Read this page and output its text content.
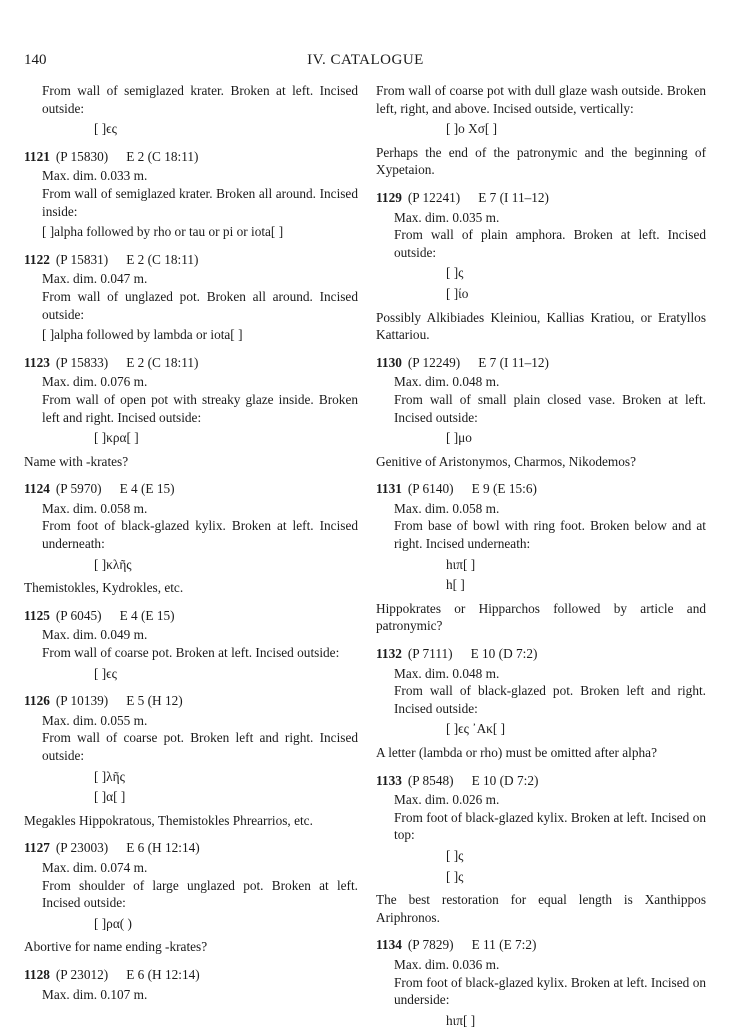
140	IV. CATALOGUE

From wall of semiglazed krater. Broken at left. Incised outside:

[ ]ϵς
1121 (P 15830) E 2 (C 18:11)

Max. dim. 0.033 m.

From wall of semiglazed krater. Broken all around. Incised inside:

[ ]alpha followed by rho or tau or pi or iota[ ]
1122 (P 15831) E 2 (C 18:11)

Max. dim. 0.047 m.

From wall of unglazed pot. Broken all around. Incised outside:

[ ]alpha followed by lambda or iota[ ]
1123 (P 15833) E 2 (C 18:11)

Max. dim. 0.076 m.

From wall of open pot with streaky glaze inside. Broken left and right. Incised outside:

[ ]κρα[ ]

Name with -krates?

1124 (P 5970) E 4 (E 15)

Max. dim. 0.058 m.

From foot of black-glazed kylix. Broken at left. Incised underneath:

[ ]κλῆς

Themistokles, Kydrokles, etc.

1125 (P 6045) E 4 (E 15)

Max. dim. 0.049 m.

From wall of coarse pot. Broken at left. Incised outside:

[ ]ϵς
1126 (P 10139) E 5 (H 12)

Max. dim. 0.055 m.

From wall of coarse pot. Broken left and right. Incised outside:

[ ]λῆς
[ ]α[ ]

Megakles Hippokratous, Themistokles Phrearrios, etc.

1127 (P 23003) E 6 (H 12:14)

Max. dim. 0.074 m.

From shoulder of large unglazed pot. Broken at left. Incised outside:

[ ]ρα( )

Abortive for name ending -krates?

1128 (P 23012) E 6 (H 12:14)

Max. dim. 0.107 m.

From wall of coarse pot with dull glaze wash outside. Broken left, right, and above. Incised outside, vertically:

[ ]ο Χσ[ ]

Perhaps the end of the patronymic and the beginning of Xypetaion.

1129 (P 12241) E 7 (I 11–12)

Max. dim. 0.035 m.

From wall of plain amphora. Broken at left. Incised outside:

[ ]ς
[ ]ίο

Possibly Alkibiades Kleiniou, Kallias Kratiou, or Eratyllos Kattariou.

1130 (P 12249) E 7 (I 11–12)

Max. dim. 0.048 m.

From wall of small plain closed vase. Broken at left. Incised outside:

[ ]μο

Genitive of Aristonymos, Charmos, Nikodemos?

1131 (P 6140) E 9 (E 15:6)

Max. dim. 0.058 m.

From base of bowl with ring foot. Broken below and at right. Incised underneath:

hιπ[ ]
h[ ]

Hippokrates or Hipparchos followed by article and patronymic?

1132 (P 7111) E 10 (D 7:2)

Max. dim. 0.048 m.

From wall of black-glazed pot. Broken left and right. Incised outside:

[ ]ϵς ᾿Ακ[ ]

A letter (lambda or rho) must be omitted after alpha?

1133 (P 8548) E 10 (D 7:2)

Max. dim. 0.026 m.

From foot of black-glazed kylix. Broken at left. Incised on top:

[ ]ς
[ ]ς

The best restoration for equal length is Xanthippos Ariphronos.

1134 (P 7829) E 11 (E 7:2)

Max. dim. 0.036 m.

From foot of black-glazed kylix. Broken at left. Incised on underside:

hιπ[ ]
